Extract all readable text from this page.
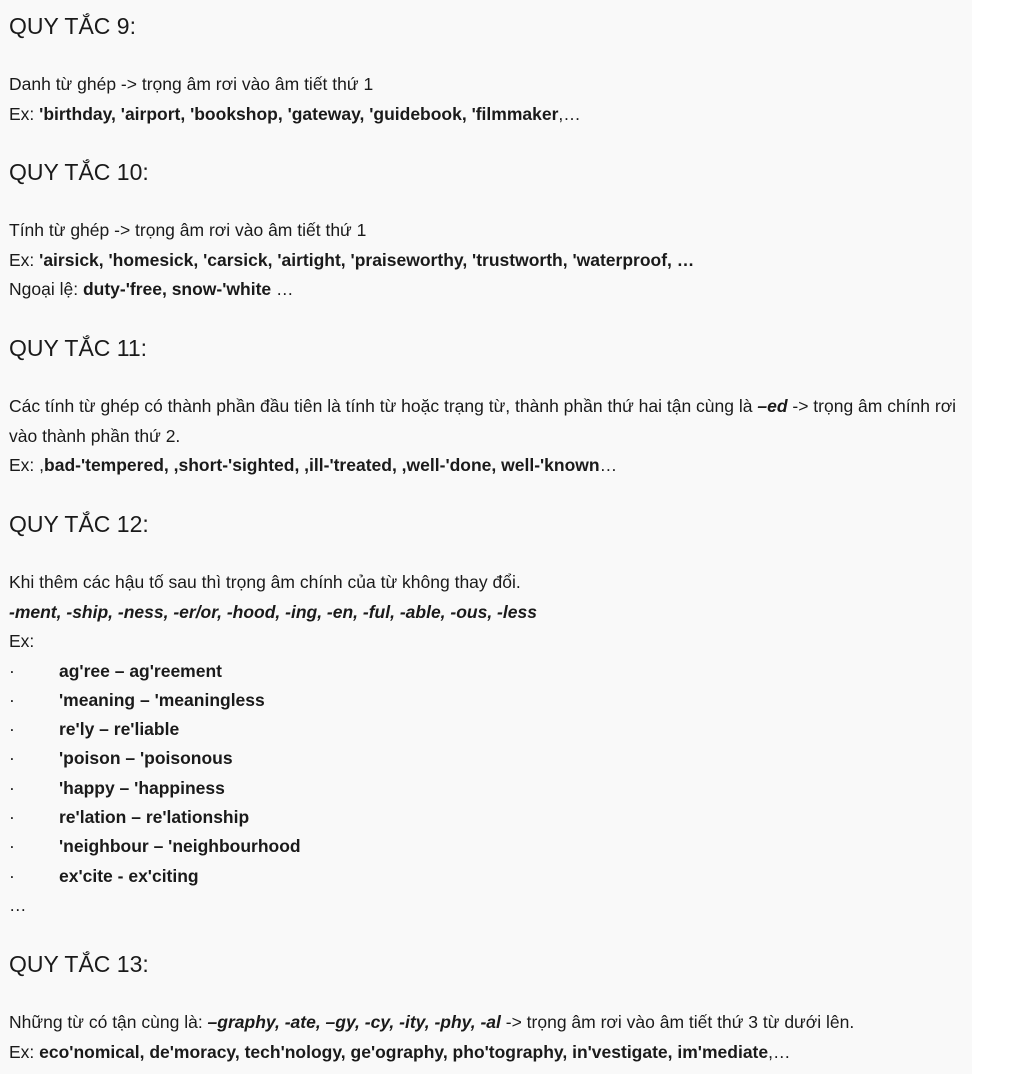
QUY TẮC 9:
Danh từ ghép -> trọng âm rơi vào âm tiết thứ 1
Ex: 'birthday, 'airport, 'bookshop, 'gateway, 'guidebook, 'filmmaker,…
QUY TẮC 10:
Tính từ ghép -> trọng âm rơi vào âm tiết thứ 1
Ex: 'airsick, 'homesick, 'carsick, 'airtight, 'praiseworthy, 'trustworth, 'waterproof, …
Ngoại lệ: duty-'free, snow-'white …
QUY TẮC 11:
Các tính từ ghép có thành phần đầu tiên là tính từ hoặc trạng từ, thành phần thứ hai tận cùng là –ed -> trọng âm chính rơi vào thành phần thứ 2.
Ex: ,bad-'tempered, ,short-'sighted, ,ill-'treated, ,well-'done, well-'known…
QUY TẮC 12:
Khi thêm các hậu tố sau thì trọng âm chính của từ không thay đổi.
-ment, -ship, -ness, -er/or, -hood, -ing, -en, -ful, -able, -ous, -less
Ex:
·	ag'ree – ag'reement
·	'meaning – 'meaningless
·	re'ly – re'liable
·	'poison – 'poisonous
·	'happy – 'happiness
·	re'lation – re'lationship
·	'neighbour – 'neighbourhood
·	ex'cite - ex'citing
…
QUY TẮC 13:
Những từ có tận cùng là: –graphy, -ate, –gy, -cy, -ity, -phy, -al -> trọng âm rơi vào âm tiết thứ 3 từ dưới lên.
Ex: eco'nomical, de'moracy, tech'nology, ge'ography, pho'tography, in'vestigate, im'mediate,…
